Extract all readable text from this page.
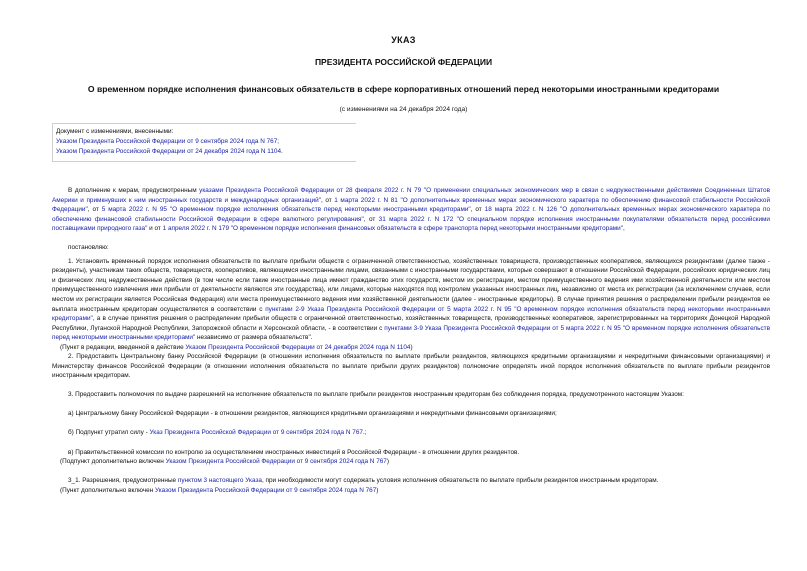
УКАЗ
ПРЕЗИДЕНТА РОССИЙСКОЙ ФЕДЕРАЦИИ
О временном порядке исполнения финансовых обязательств в сфере корпоративных отношений перед некоторыми иностранными кредиторами
(с изменениями на 24 декабря 2024 года)
Документ с изменениями, внесенными:
Указом Президента Российской Федерации от 9 сентября 2024 года N 767;
Указом Президента Российской Федерации от 24 декабря 2024 года N 1104.

В дополнение к мерам, предусмотренным указами Президента Российской Федерации от 28 февраля 2022 г. N 79 "О применении специальных экономических мер в связи с недружественными действиями Соединенных Штатов Америки и примкнувших к ним иностранных государств и международных организаций", от 1 марта 2022 г. N 81 "О дополнительных временных мерах экономического характера по обеспечению финансовой стабильности Российской Федерации", от 5 марта 2022 г. N 95 "О временном порядке исполнения обязательств перед некоторыми иностранными кредиторами", от 18 марта 2022 г. N 126 "О дополнительных временных мерах экономического характера по обеспечению финансовой стабильности Российской Федерации в сфере валютного регулирования", от 31 марта 2022 г. N 172 "О специальном порядке исполнения иностранными покупателями обязательств перед российскими поставщиками природного газа" и от 1 апреля 2022 г. N 179 "О временном порядке исполнения финансовых обязательств в сфере транспорта перед некоторыми иностранными кредиторами",

постановляю:

1. Установить временный порядок исполнения обязательств по выплате прибыли обществ с ограниченной ответственностью, хозяйственных товариществ, производственных кооперативов, являющихся резидентами (далее также - резиденты), участникам таких обществ, товариществ, кооперативов, являющимся иностранными лицами, связанными с иностранными государствами, которые совершают в отношении Российской Федерации, российских юридических лиц и физических лиц недружественные действия (в том числе если такие иностранные лица имеют гражданство этих государств, местом их регистрации, местом преимущественного ведения ими хозяйственной деятельности или местом преимущественного извлечения ими прибыли от деятельности являются эти государства), или лицами, которые находятся под контролем указанных иностранных лиц, независимо от места их регистрации (за исключением случаев, если местом их регистрации является Российская Федерация) или места преимущественного ведения ими хозяйственной деятельности (далее - иностранные кредиторы). В случае принятия решения о распределении прибыли резидентов ее выплата иностранным кредиторам осуществляется в соответствии с пунктами 2-9 Указа Президента Российской Федерации от 5 марта 2022 г. N 95 "О временном порядке исполнения обязательств перед некоторыми иностранными кредиторами", а в случае принятия решения о распределении прибыли обществ с ограниченной ответственностью, хозяйственных товариществ, производственных кооперативов, зарегистрированных на территориях Донецкой Народной Республики, Луганской Народной Республики, Запорожской области и Херсонской области, - в соответствии с пунктами 3-9 Указа Президента Российской Федерации от 5 марта 2022 г. N 95 "О временном порядке исполнения обязательств перед некоторыми иностранными кредиторами" независимо от размера обязательств".

(Пункт в редакции, введенной в действие Указом Президента Российской Федерации от 24 декабря 2024 года N 1104)

2. Предоставить Центральному банку Российской Федерации (в отношении исполнения обязательств по выплате прибыли резидентов, являющихся кредитными организациями и некредитными финансовыми организациями) и Министерству финансов Российской Федерации (в отношении исполнения обязательств по выплате прибыли других резидентов) полномочие определять иной порядок исполнения обязательств по выплате прибыли резидентов иностранным кредиторам.

3. Предоставить полномочия по выдаче разрешений на исполнение обязательств по выплате прибыли резидентов иностранным кредиторам без соблюдения порядка, предусмотренного настоящим Указом:

а) Центральному банку Российской Федерации - в отношении резидентов, являющихся кредитными организациями и некредитными финансовыми организациями;

б) Подпункт утратил силу - Указ Президента Российской Федерации от 9 сентября 2024 года N 767.;

в) Правительственной комиссии по контролю за осуществлением иностранных инвестиций в Российской Федерации - в отношении других резидентов.

(Подпункт дополнительно включен Указом Президента Российской Федерации от 9 сентября 2024 года N 767)

3_1. Разрешения, предусмотренные пунктом 3 настоящего Указа, при необходимости могут содержать условия исполнения обязательств по выплате прибыли резидентов иностранным кредиторам.

(Пункт дополнительно включен Указом Президента Российской Федерации от 9 сентября 2024 года N 767)
